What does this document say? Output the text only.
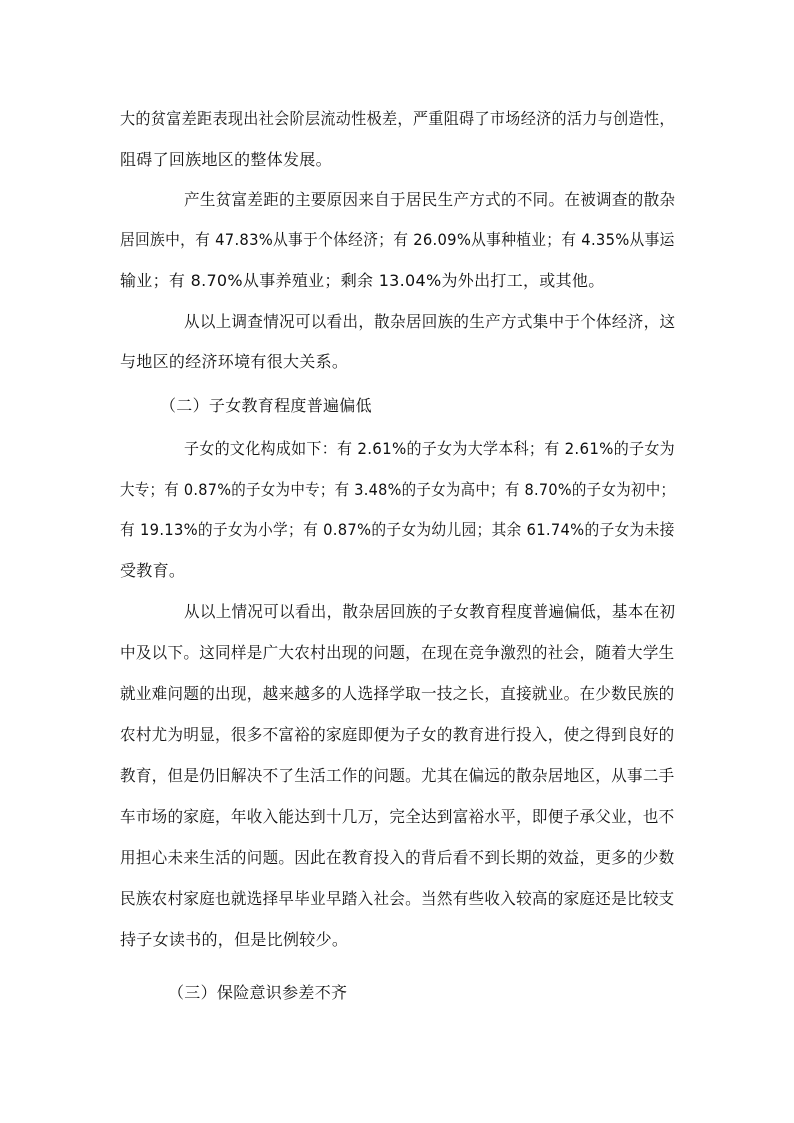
大的贫富差距表现出社会阶层流动性极差，严重阻碍了市场经济的活力与创造性，
阻碍了回族地区的整体发展。
产生贫富差距的主要原因来自于居民生产方式的不同。在被调查的散杂
居回族中，有 47.83%从事于个体经济；有 26.09%从事种植业；有 4.35%从事运
输业；有 8.70%从事养殖业；剩余 13.04%为外出打工，或其他。
从以上调查情况可以看出，散杂居回族的生产方式集中于个体经济，这
与地区的经济环境有很大关系。
（二）子女教育程度普遍偏低
子女的文化构成如下：有 2.61%的子女为大学本科；有 2.61%的子女为
大专；有 0.87%的子女为中专；有 3.48%的子女为高中；有 8.70%的子女为初中；
有 19.13%的子女为小学；有 0.87%的子女为幼儿园；其余 61.74%的子女为未接
受教育。
从以上情况可以看出，散杂居回族的子女教育程度普遍偏低，基本在初
中及以下。这同样是广大农村出现的问题，在现在竞争激烈的社会，随着大学生
就业难问题的出现，越来越多的人选择学取一技之长，直接就业。在少数民族的
农村尤为明显，很多不富裕的家庭即便为子女的教育进行投入，使之得到良好的
教育，但是仍旧解决不了生活工作的问题。尤其在偏远的散杂居地区，从事二手
车市场的家庭，年收入能达到十几万，完全达到富裕水平，即便子承父业，也不
用担心未来生活的问题。因此在教育投入的背后看不到长期的效益，更多的少数
民族农村家庭也就选择早毕业早踏入社会。当然有些收入较高的家庭还是比较支
持子女读书的，但是比例较少。
（三）保险意识参差不齐
